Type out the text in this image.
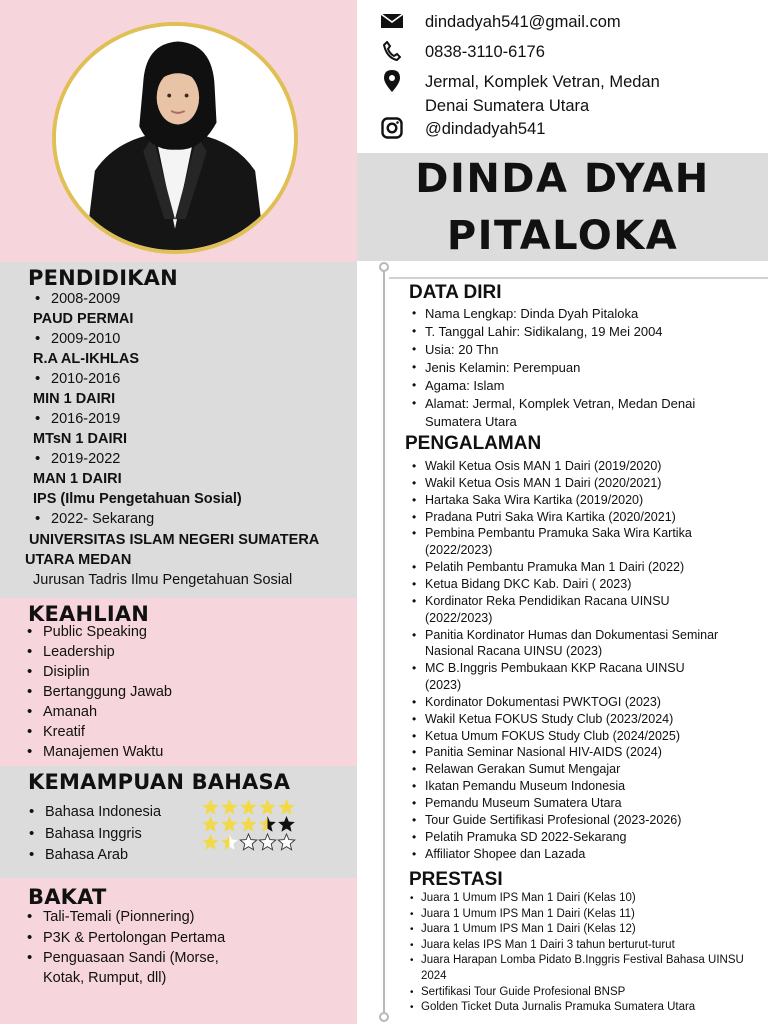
PENDIDIKAN
• 2008-2009
PAUD PERMAI
• 2009-2010
R.A AL-IKHLAS
• 2010-2016
MIN 1 DAIRI
• 2016-2019
MTsN 1 DAIRI
• 2019-2022
MAN 1 DAIRI
IPS (Ilmu Pengetahuan Sosial)
• 2022- Sekarang
UNIVERSITAS ISLAM NEGERI SUMATERA
UTARA MEDAN
Jurusan Tadris Ilmu Pengetahuan Sosial
KEAHLIAN
• Public Speaking
• Leadership
• Disiplin
• Bertanggung Jawab
• Amanah
• Kreatif
• Manajemen Waktu
KEMAMPUAN BAHASA
• Bahasa Indonesia
• Bahasa Inggris
• Bahasa Arab
BAKAT
• Tali-Temali (Pionnering)
• P3K & Pertolongan Pertama
• Penguasaan Sandi (Morse,
Kotak, Rumput, dll)
dindadyah541@gmail.com
0838-3110-6176
Jermal, Komplek Vetran, Medan
Denai Sumatera Utara
@dindadyah541
DINDA DYAH
PITALOKA
DATA DIRI
• Nama Lengkap: Dinda Dyah Pitaloka
• T. Tanggal Lahir: Sidikalang, 19 Mei 2004
• Usia: 20 Thn
• Jenis Kelamin: Perempuan
• Agama: Islam
• Alamat: Jermal, Komplek Vetran, Medan Denai
Sumatera Utara
PENGALAMAN
• Wakil Ketua Osis MAN 1 Dairi (2019/2020)
• Wakil Ketua Osis MAN 1 Dairi (2020/2021)
• Hartaka Saka Wira Kartika (2019/2020)
• Pradana Putri Saka Wira Kartika (2020/2021)
• Pembina Pembantu Pramuka Saka Wira Kartika
(2022/2023)
• Pelatih Pembantu Pramuka Man 1 Dairi (2022)
• Ketua Bidang DKC Kab. Dairi ( 2023)
• Kordinator Reka Pendidikan Racana UINSU
(2022/2023)
• Panitia Kordinator Humas dan Dokumentasi Seminar
Nasional Racana UINSU (2023)
• MC B.Inggris Pembukaan KKP Racana UINSU
(2023)
• Kordinator Dokumentasi PWKTOGI (2023)
• Wakil Ketua FOKUS Study Club (2023/2024)
• Ketua Umum FOKUS Study Club (2024/2025)
• Panitia Seminar Nasional HIV-AIDS (2024)
• Relawan Gerakan Sumut Mengajar
• Ikatan Pemandu Museum Indonesia
• Pemandu Museum Sumatera Utara
• Tour Guide Sertifikasi Profesional (2023-2026)
• Pelatih Pramuka SD 2022-Sekarang
• Affiliator Shopee dan Lazada
PRESTASI
• Juara 1 Umum IPS Man 1 Dairi (Kelas 10)
• Juara 1 Umum IPS Man 1 Dairi (Kelas 11)
• Juara 1 Umum IPS Man 1 Dairi (Kelas 12)
• Juara kelas IPS Man 1 Dairi 3 tahun berturut-turut
• Juara Harapan Lomba Pidato B.Inggris Festival Bahasa UINSU
2024
• Sertifikasi Tour Guide Profesional BNSP
• Golden Ticket Duta Jurnalis Pramuka Sumatera Utara
